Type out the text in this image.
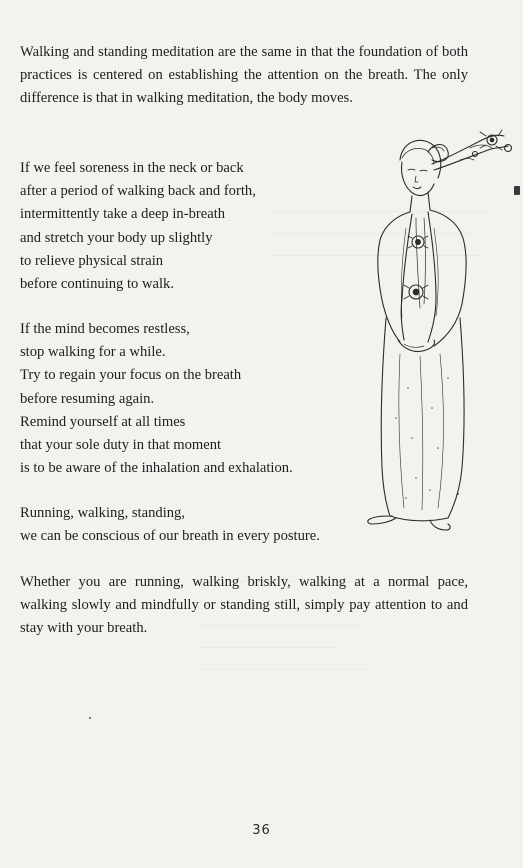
Walking and standing meditation are the same in that the foundation of both practices is centered on establishing the attention on the breath. The only difference is that in walking meditation, the body moves.

If we feel soreness in the neck or back
after a period of walking back and forth,
intermittently take a deep in-breath
and stretch your body up slightly
to relieve physical strain
before continuing to walk.
If the mind becomes restless,
stop walking for a while.
Try to regain your focus on the breath
before resuming again.
Remind yourself at all times
that your sole duty in that moment
is to be aware of the inhalation and exhalation.
Running, walking, standing,
we can be conscious of our breath in every posture.

Whether you are running, walking briskly, walking at a normal pace, walking slowly and mindfully or standing still, simply pay attention to and stay with your breath.

36
